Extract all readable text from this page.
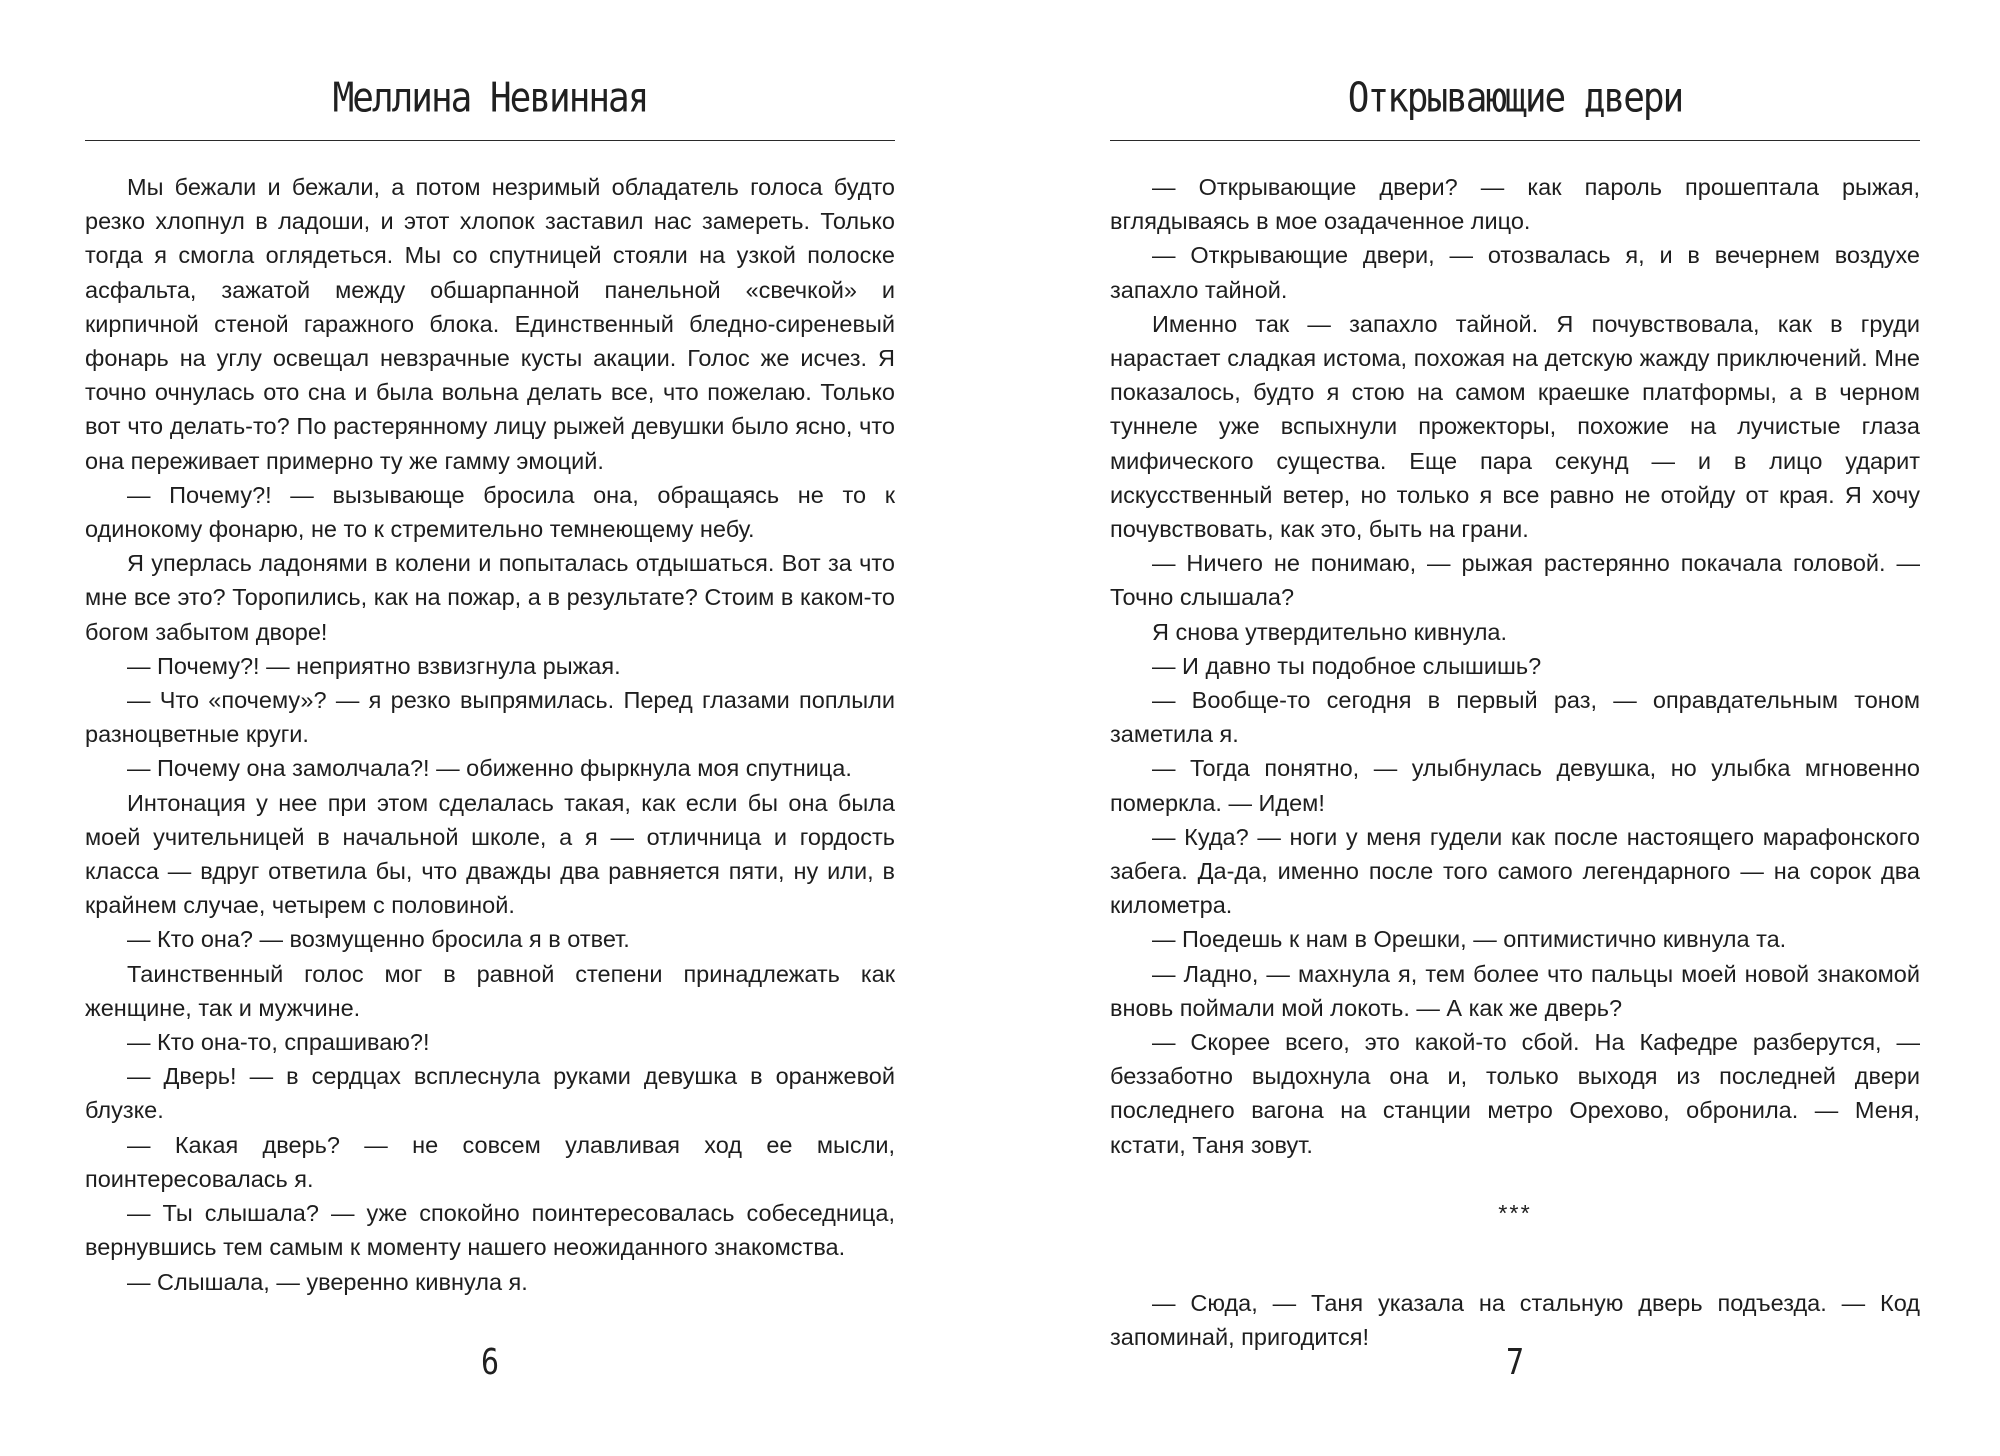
Меллина Невинная

Мы бежали и бежали, а потом незримый обладатель голоса будто резко хлопнул в ладоши, и этот хлопок заставил нас замереть. Только тогда я смогла оглядеться. Мы со спутницей стояли на узкой полоске асфальта, зажатой между обшарпанной панельной «свечкой» и кирпичной стеной гаражного блока. Единственный бледно-сиреневый фонарь на углу освещал невзрачные кусты акации. Голос же исчез. Я точно очнулась ото сна и была вольна делать все, что пожелаю. Только вот что делать-то? По растерянному лицу рыжей девушки было ясно, что она переживает примерно ту же гамму эмоций.

— Почему?! — вызывающе бросила она, обращаясь не то к одинокому фонарю, не то к стремительно темнеющему небу.

Я уперлась ладонями в колени и попыталась отдышаться. Вот за что мне все это? Торопились, как на пожар, а в результате? Стоим в каком-то богом забытом дворе!

— Почему?! — неприятно взвизгнула рыжая.

— Что «почему»? — я резко выпрямилась. Перед глазами поплыли разноцветные круги.

— Почему она замолчала?! — обиженно фыркнула моя спутница.

Интонация у нее при этом сделалась такая, как если бы она была моей учительницей в начальной школе, а я — отличница и гордость класса — вдруг ответила бы, что дважды два равняется пяти, ну или, в крайнем случае, четырем с половиной.

— Кто она? — возмущенно бросила я в ответ.

Таинственный голос мог в равной степени принадлежать как женщине, так и мужчине.

— Кто она-то, спрашиваю?!

— Дверь! — в сердцах всплеснула руками девушка в оранжевой блузке.

— Какая дверь? — не совсем улавливая ход ее мысли, поинтересовалась я.

— Ты слышала? — уже спокойно поинтересовалась собеседница, вернувшись тем самым к моменту нашего неожиданного знакомства.

— Слышала, — уверенно кивнула я.

6
Открывающие двери

— Открывающие двери? — как пароль прошептала рыжая, вглядываясь в мое озадаченное лицо.

— Открывающие двери, — отозвалась я, и в вечернем воздухе запахло тайной.

Именно так — запахло тайной. Я почувствовала, как в груди нарастает сладкая истома, похожая на детскую жажду приключений. Мне показалось, будто я стою на самом краешке платформы, а в черном туннеле уже вспыхнули прожекторы, похожие на лучистые глаза мифического существа. Еще пара секунд — и в лицо ударит искусственный ветер, но только я все равно не отойду от края. Я хочу почувствовать, как это, быть на грани.

— Ничего не понимаю, — рыжая растерянно покачала головой. — Точно слышала?

Я снова утвердительно кивнула.

— И давно ты подобное слышишь?

— Вообще-то сегодня в первый раз, — оправдательным тоном заметила я.

— Тогда понятно, — улыбнулась девушка, но улыбка мгновенно померкла. — Идем!

— Куда? — ноги у меня гудели как после настоящего марафонского забега. Да-да, именно после того самого легендарного — на сорок два километра.

— Поедешь к нам в Орешки, — оптимистично кивнула та.

— Ладно, — махнула я, тем более что пальцы моей новой знакомой вновь поймали мой локоть. — А как же дверь?

— Скорее всего, это какой-то сбой. На Кафедре разберутся, — беззаботно выдохнула она и, только выходя из последней двери последнего вагона на станции метро Орехово, обронила. — Меня, кстати, Таня зовут.

***

— Сюда, — Таня указала на стальную дверь подъезда. — Код запоминай, пригодится!

7
